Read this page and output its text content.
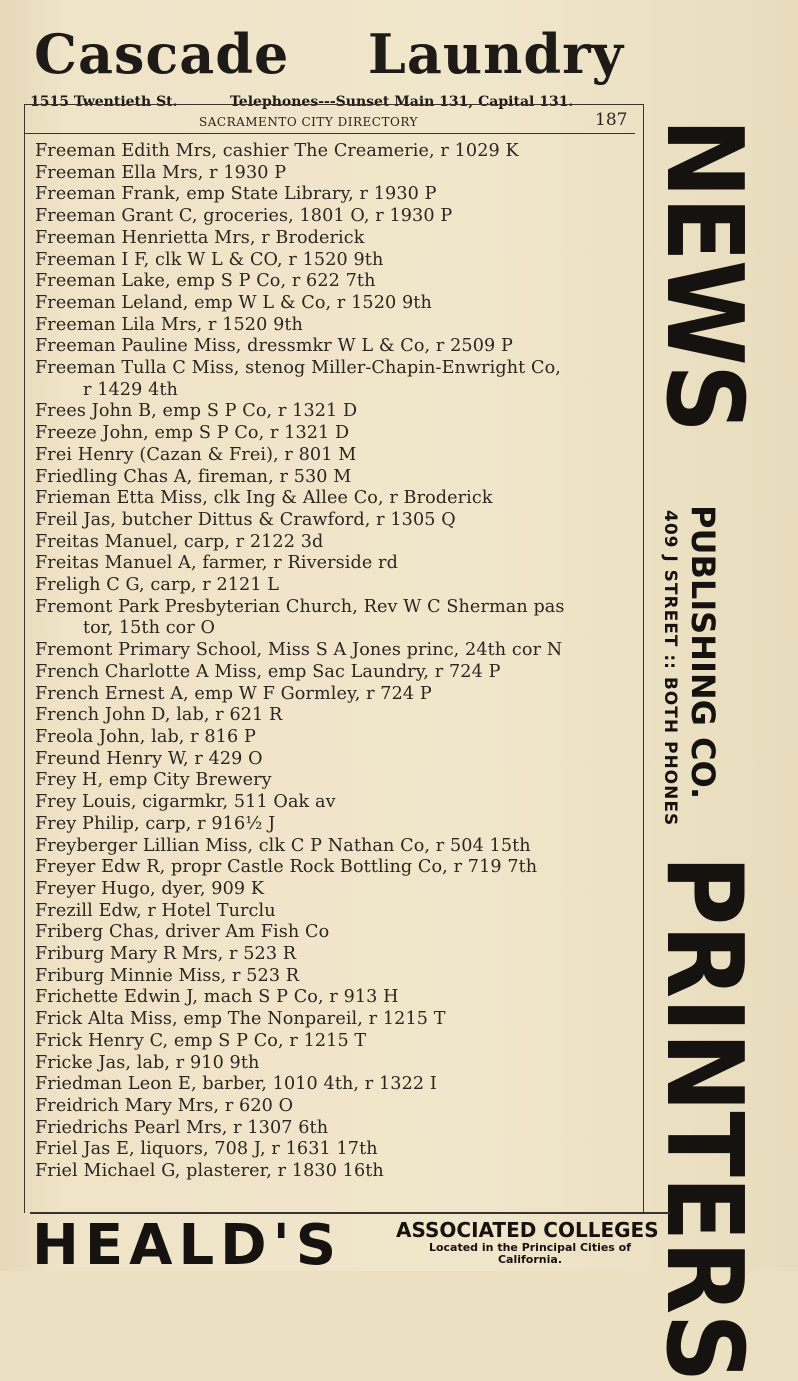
Cascade Laundry
1515 Twentieth St.	Telephones---Sunset Main 131, Capital 131.
SACRAMENTO CITY DIRECTORY	187
Freeman Edith Mrs, cashier The Creamerie, r 1029 K
Freeman Ella Mrs, r 1930 P
Freeman Frank, emp State Library, r 1930 P
Freeman Grant C, groceries, 1801 O, r 1930 P
Freeman Henrietta Mrs, r Broderick
Freeman I F, clk W L & CO, r 1520 9th
Freeman Lake, emp S P Co, r 622 7th
Freeman Leland, emp W L & Co, r 1520 9th
Freeman Lila Mrs, r 1520 9th
Freeman Pauline Miss, dressmkr W L & Co, r 2509 P
Freeman Tulla C Miss, stenog Miller-Chapin-Enwright Co,
r 1429 4th
Frees John B, emp S P Co, r 1321 D
Freeze John, emp S P Co, r 1321 D
Frei Henry (Cazan & Frei), r 801 M
Friedling Chas A, fireman, r 530 M
Frieman Etta Miss, clk Ing & Allee Co, r Broderick
Freil Jas, butcher Dittus & Crawford, r 1305 Q
Freitas Manuel, carp, r 2122 3d
Freitas Manuel A, farmer, r Riverside rd
Freligh C G, carp, r 2121 L
Fremont Park Presbyterian Church, Rev W C Sherman pas
tor, 15th cor O
Fremont Primary School, Miss S A Jones princ, 24th cor N
French Charlotte A Miss, emp Sac Laundry, r 724 P
French Ernest A, emp W F Gormley, r 724 P
French John D, lab, r 621 R
Freola John, lab, r 816 P
Freund Henry W, r 429 O
Frey H, emp City Brewery
Frey Louis, cigarmkr, 511 Oak av
Frey Philip, carp, r 916½ J
Freyberger Lillian Miss, clk C P Nathan Co, r 504 15th
Freyer Edw R, propr Castle Rock Bottling Co, r 719 7th
Freyer Hugo, dyer, 909 K
Frezill Edw, r Hotel Turclu
Friberg Chas, driver Am Fish Co
Friburg Mary R Mrs, r 523 R
Friburg Minnie Miss, r 523 R
Frichette Edwin J, mach S P Co, r 913 H
Frick Alta Miss, emp The Nonpareil, r 1215 T
Frick Henry C, emp S P Co, r 1215 T
Fricke Jas, lab, r 910 9th
Friedman Leon E, barber, 1010 4th, r 1322 I
Freidrich Mary Mrs, r 620 O
Friedrichs Pearl Mrs, r 1307 6th
Friel Jas E, liquors, 708 J, r 1631 17th
Friel Michael G, plasterer, r 1830 16th
NEWS
PUBLISHING CO.
409 J STREET :: BOTH PHONES
PRINTERS
HEALD'S	ASSOCIATED COLLEGES
Located in the Principal Cities of California.
